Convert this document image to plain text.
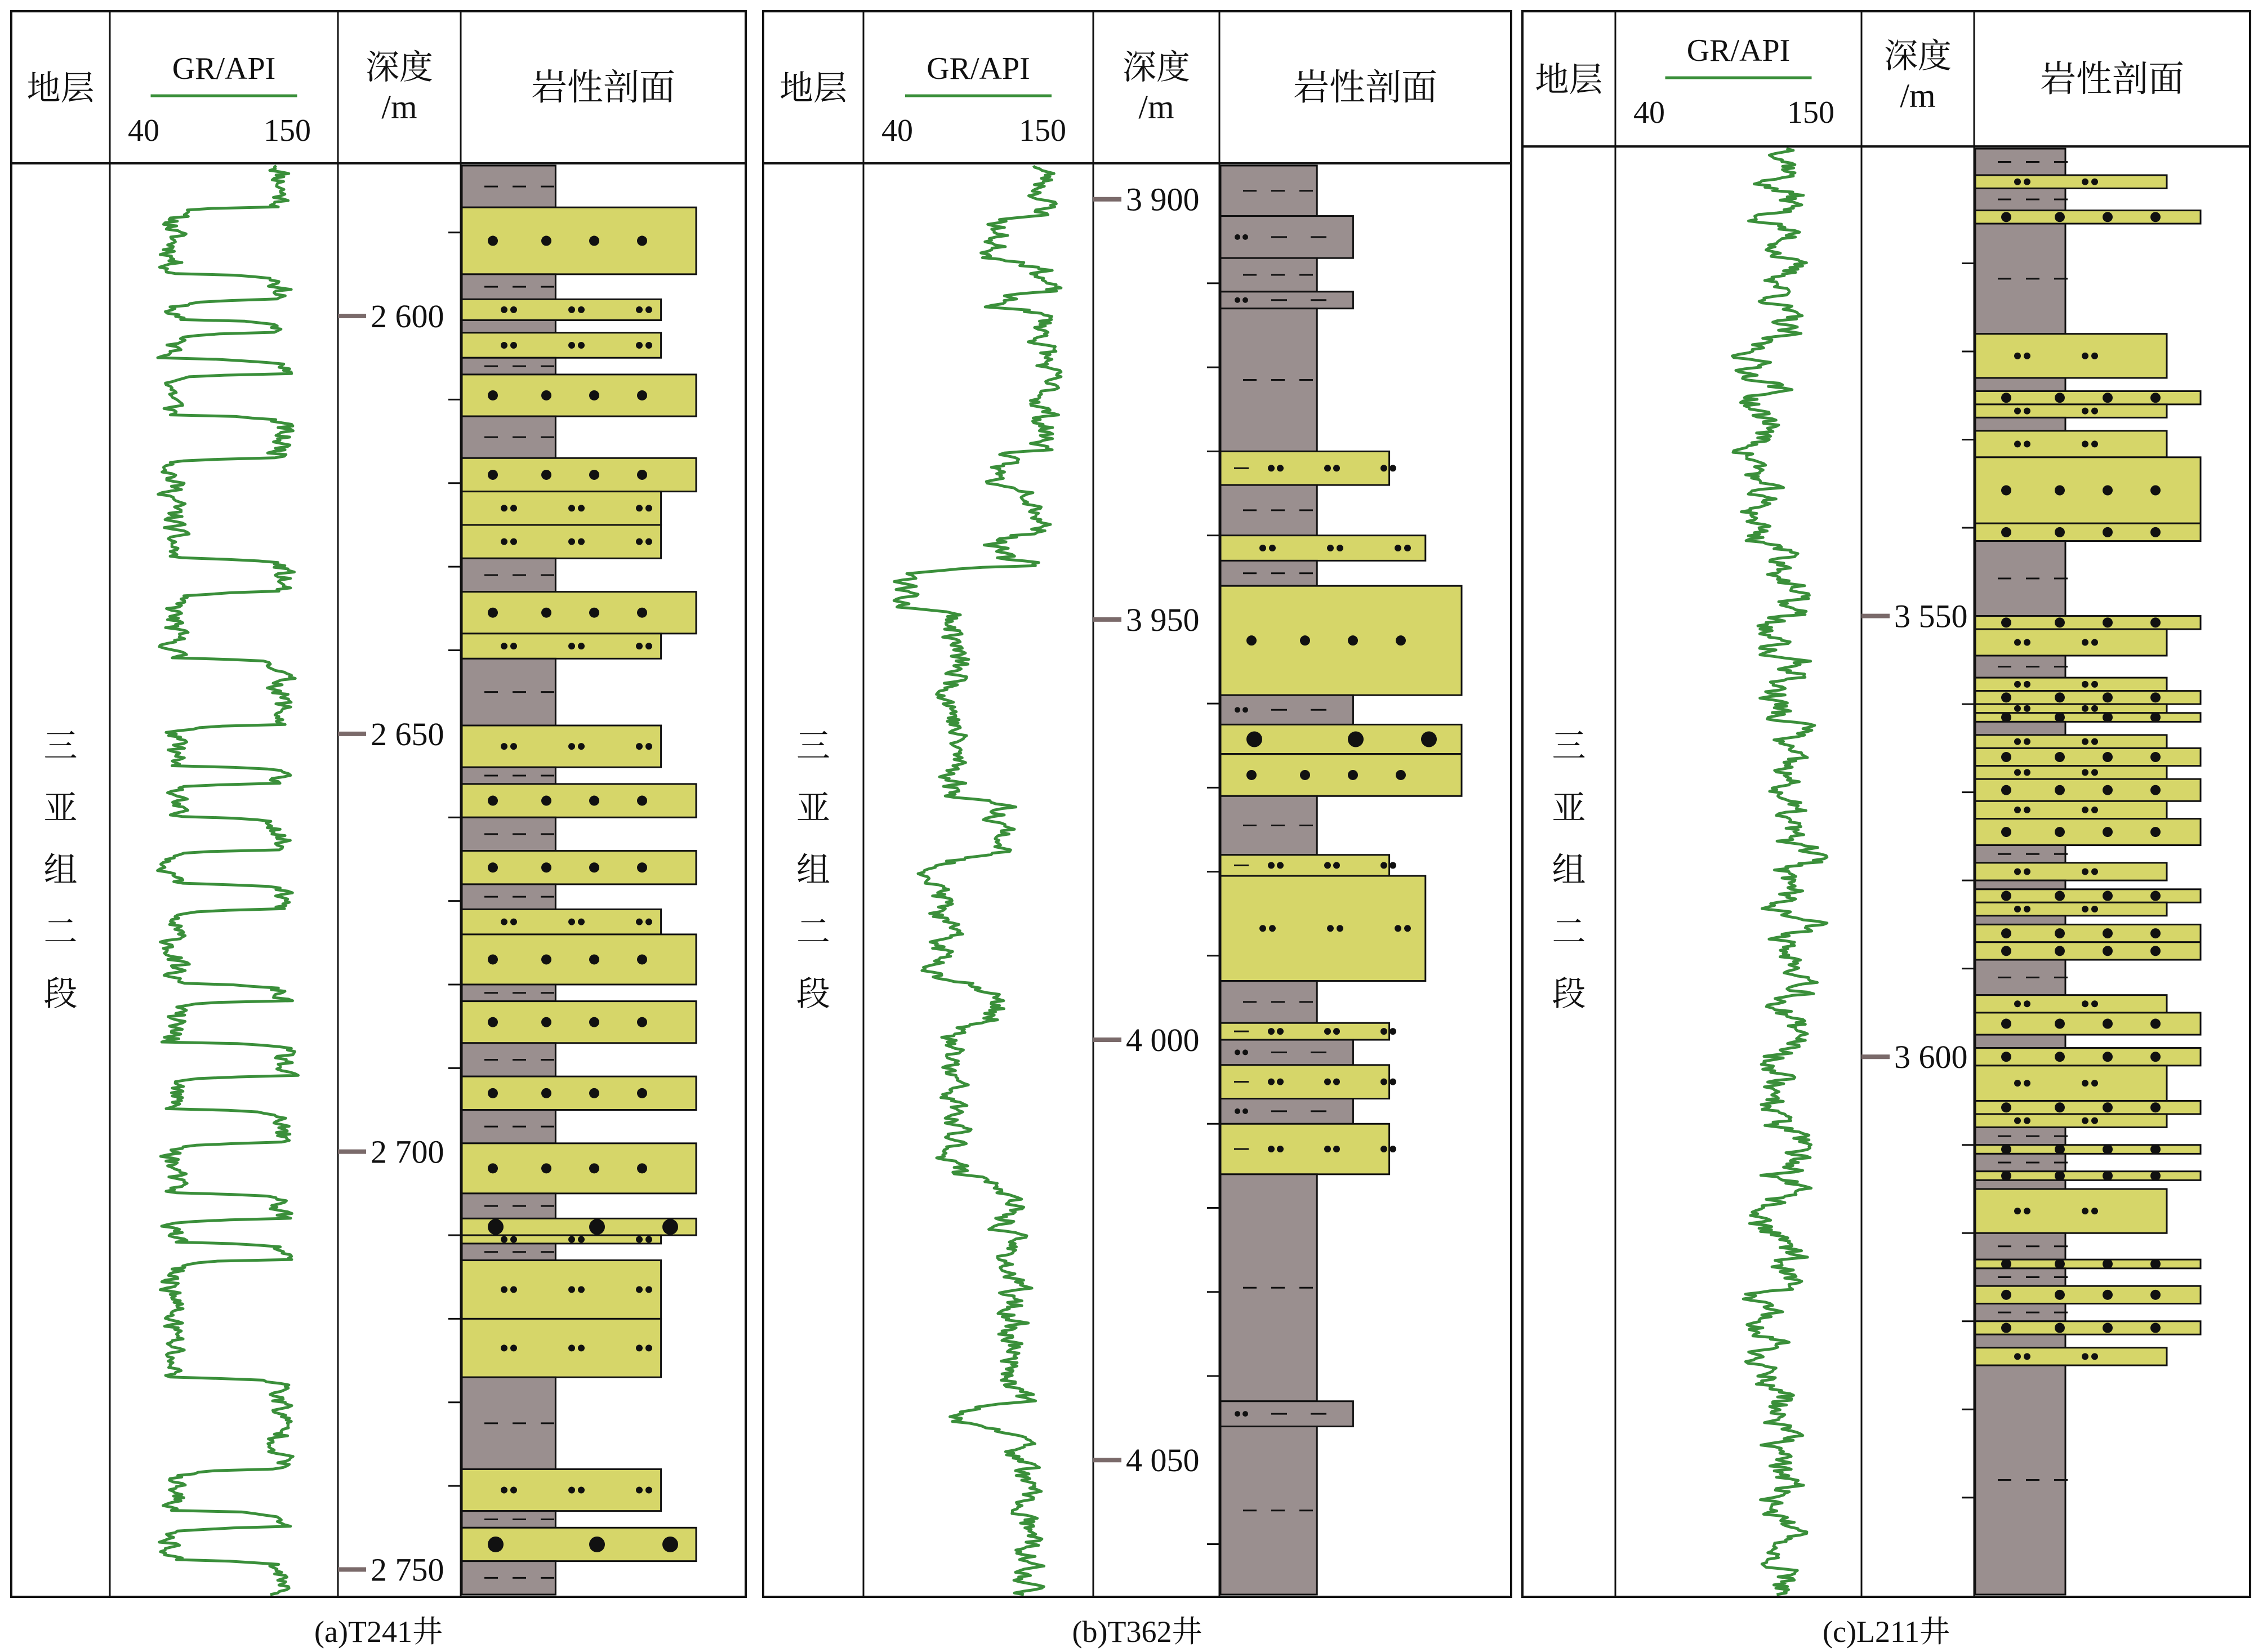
地层
GR/API
40	150
深度
/m	岩性剖面
三
亚
组
二
段
2 600
2 650
2 700
2 750
(a)T241井
地层
GR/API
40	150
深度
/m	岩性剖面
三
亚
组
二
段
3 900
3 950
4 000
4 050
(b)T362井
地层
GR/API
40	150
深度
/m	岩性剖面
三
亚
组
二
段
3 550
3 600
(c)L211井
